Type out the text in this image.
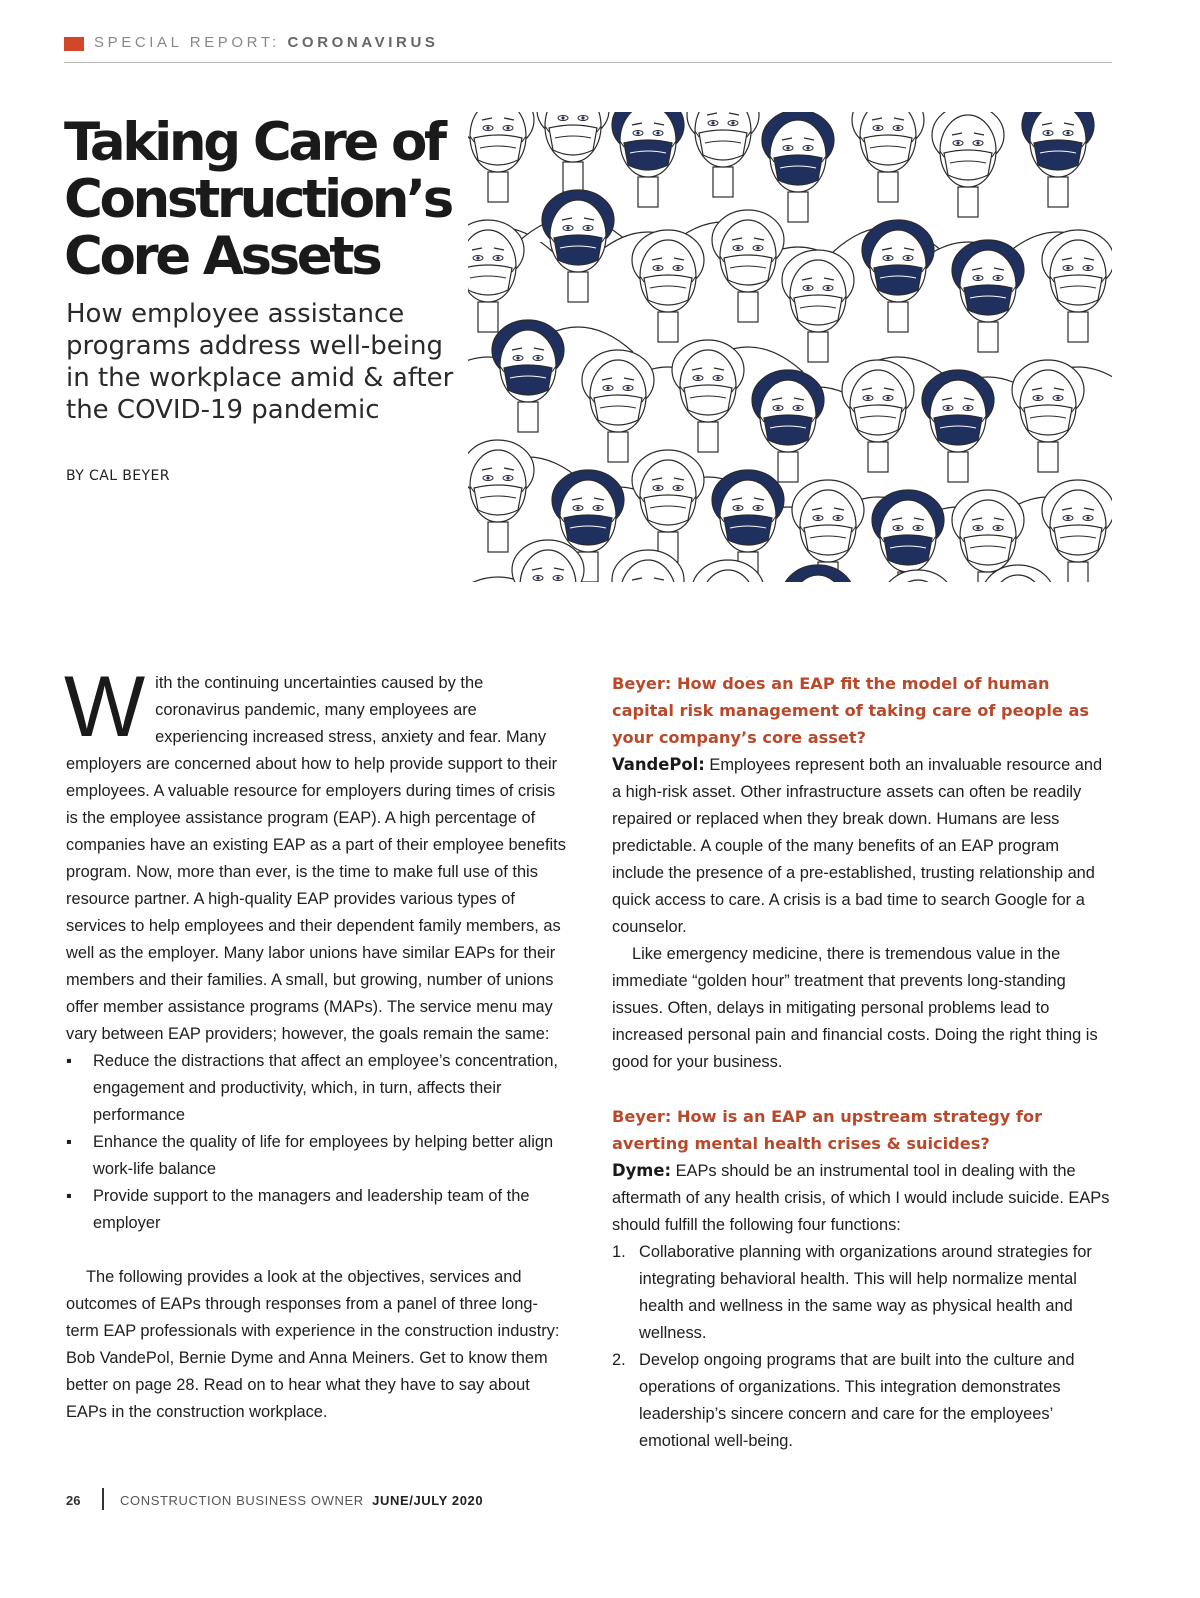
SPECIAL REPORT: CORONAVIRUS
Taking Care of Construction’s Core Assets

How employee assistance programs address well-being in the workplace amid & after the COVID-19 pandemic

BY CAL BEYER

With the continuing uncertainties caused by the coronavirus pandemic, many employees are experiencing increased stress, anxiety and fear. Many employers are concerned about how to help provide support to their employees. A valuable resource for employers during times of crisis is the employee assistance program (EAP). A high percentage of companies have an existing EAP as a part of their employee benefits program. Now, more than ever, is the time to make full use of this resource partner. A high-quality EAP provides various types of services to help employees and their dependent family members, as well as the employer. Many labor unions have similar EAPs for their members and their families. A small, but growing, number of unions offer member assistance programs (MAPs). The service menu may vary between EAP providers; however, the goals remain the same:

▪ Reduce the distractions that affect an employee’s concentration, engagement and productivity, which, in turn, affects their performance
▪ Enhance the quality of life for employees by helping better align work-life balance
▪ Provide support to the managers and leadership team of the employer

The following provides a look at the objectives, services and outcomes of EAPs through responses from a panel of three long-term EAP professionals with experience in the construction industry: Bob VandePol, Bernie Dyme and Anna Meiners. Get to know them better on page 28. Read on to hear what they have to say about EAPs in the construction workplace.

Beyer: How does an EAP fit the model of human capital risk management of taking care of people as your company’s core asset?

VandePol: Employees represent both an invaluable resource and a high-risk asset. Other infrastructure assets can often be readily repaired or replaced when they break down. Humans are less predictable. A couple of the many benefits of an EAP program include the presence of a pre-established, trusting relationship and quick access to care. A crisis is a bad time to search Google for a counselor.

Like emergency medicine, there is tremendous value in the immediate “golden hour” treatment that prevents long-standing issues. Often, delays in mitigating personal problems lead to increased personal pain and financial costs. Doing the right thing is good for your business.

Beyer: How is an EAP an upstream strategy for averting mental health crises & suicides?

Dyme: EAPs should be an instrumental tool in dealing with the aftermath of any health crisis, of which I would include suicide. EAPs should fulfill the following four functions:

1. Collaborative planning with organizations around strategies for integrating behavioral health. This will help normalize mental health and wellness in the same way as physical health and wellness.
2. Develop ongoing programs that are built into the culture and operations of organizations. This integration demonstrates leadership’s sincere concern and care for the employees’ emotional well-being.
26	CONSTRUCTION BUSINESS OWNER JUNE/JULY 2020
